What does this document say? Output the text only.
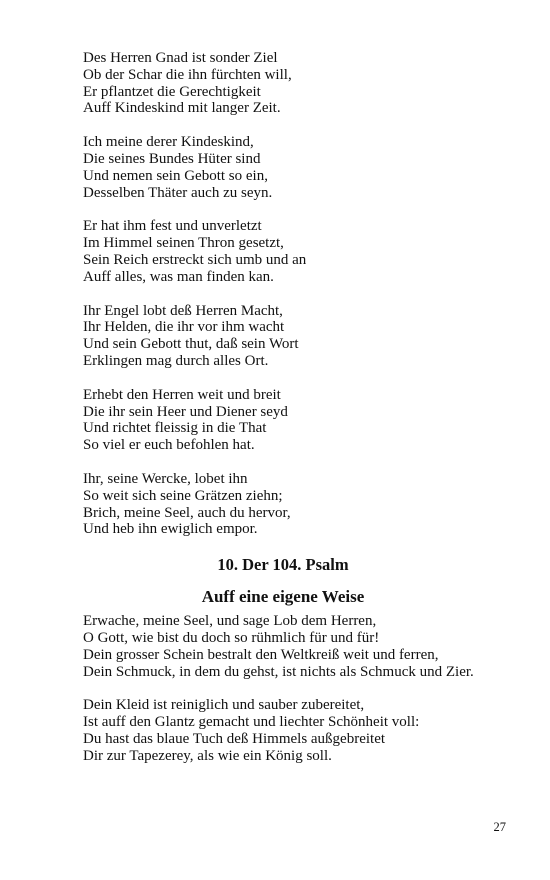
Des Herren Gnad ist sonder Ziel
Ob der Schar die ihn fürchten will,
Er pflantzet die Gerechtigkeit
Auff Kindeskind mit langer Zeit.
Ich meine derer Kindeskind,
Die seines Bundes Hüter sind
Und nemen sein Gebott so ein,
Desselben Thäter auch zu seyn.
Er hat ihm fest und unverletzt
Im Himmel seinen Thron gesetzt,
Sein Reich erstreckt sich umb und an
Auff alles, was man finden kan.
Ihr Engel lobt deß Herren Macht,
Ihr Helden, die ihr vor ihm wacht
Und sein Gebott thut, daß sein Wort
Erklingen mag durch alles Ort.
Erhebt den Herren weit und breit
Die ihr sein Heer und Diener seyd
Und richtet fleissig in die That
So viel er euch befohlen hat.
Ihr, seine Wercke, lobet ihn
So weit sich seine Grätzen ziehn;
Brich, meine Seel, auch du hervor,
Und heb ihn ewiglich empor.
10. Der 104. Psalm
Auff eine eigene Weise
Erwache, meine Seel, und sage Lob dem Herren,
O Gott, wie bist du doch so rühmlich für und für!
Dein grosser Schein bestralt den Weltkreiß weit und ferren,
Dein Schmuck, in dem du gehst, ist nichts als Schmuck und Zier.
Dein Kleid ist reiniglich und sauber zubereitet,
Ist auff den Glantz gemacht und liechter Schönheit voll:
Du hast das blaue Tuch deß Himmels außgebreitet
Dir zur Tapezerey, als wie ein König soll.
27
